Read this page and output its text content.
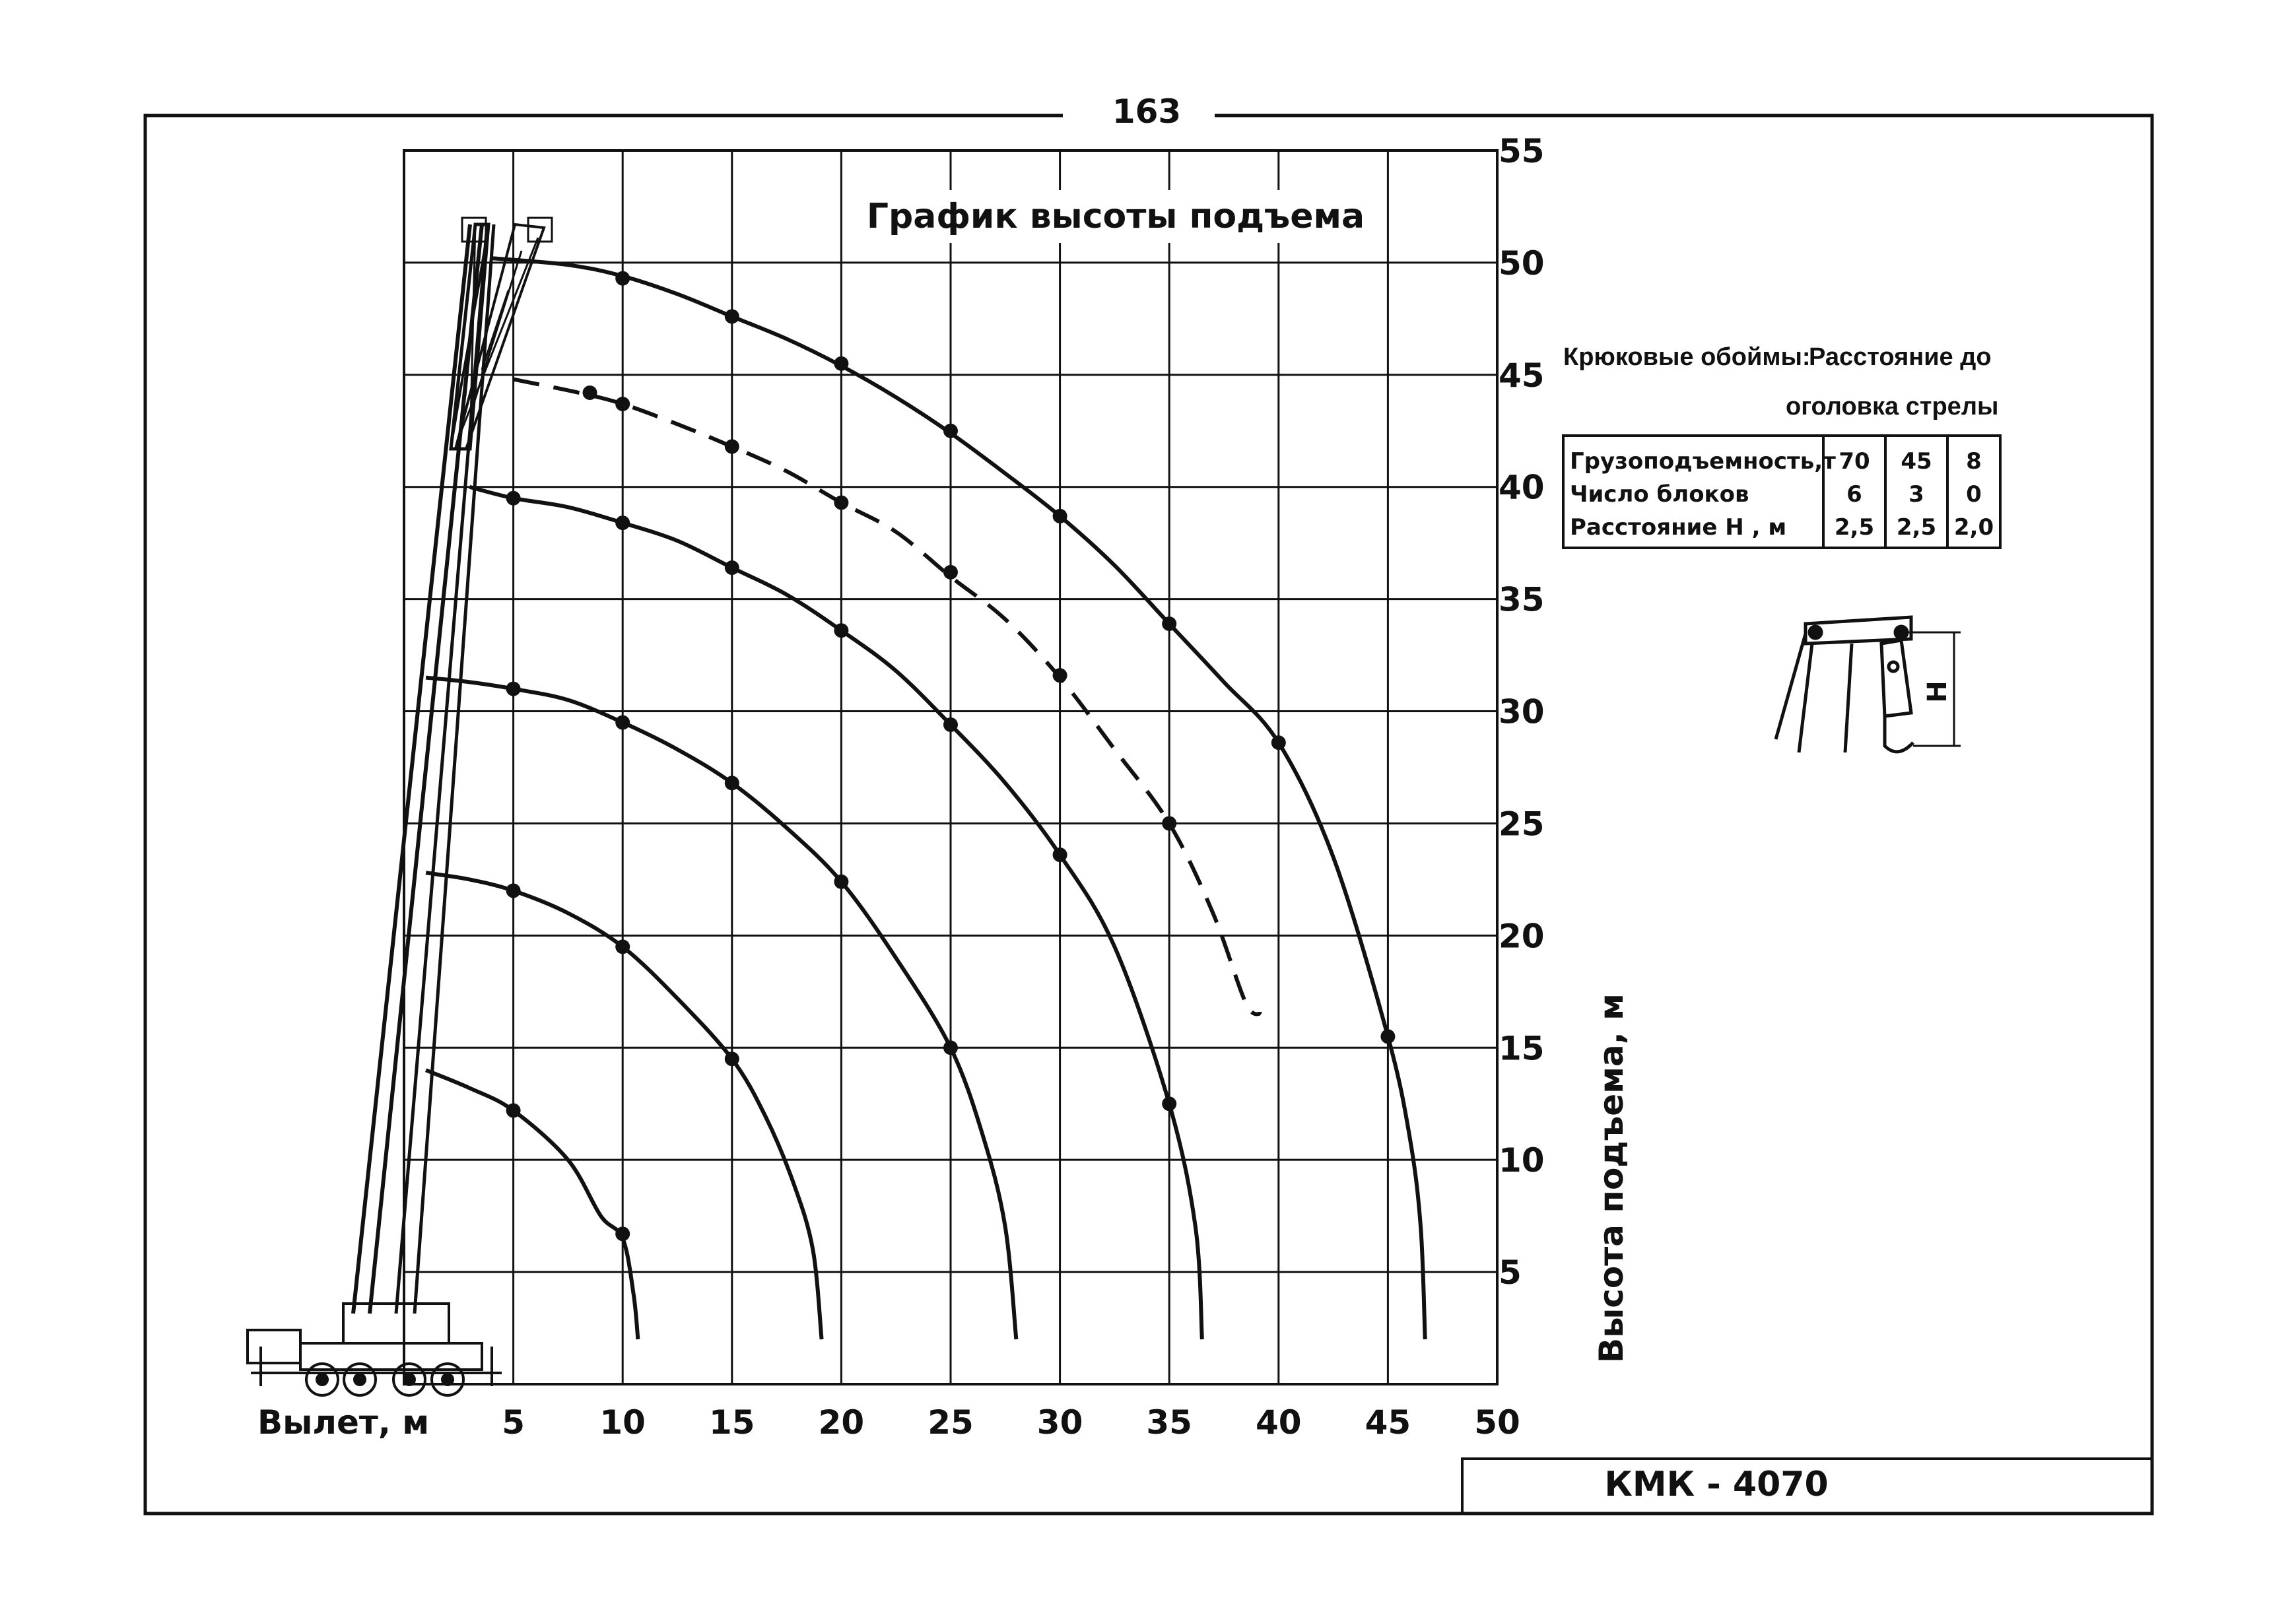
163
КМК - 4070
График высоты подъема
5 10 15 20 25 30 35 40 45 50
5
10
15
20
25
30
35
40
45
50
55
Вылет, м
Высота подъема, м
Крюковые обоймы:
Расстояние до
оголовка стрелы
Грузоподъемность,т 70 45 8
Число блоков	6 3 0
Расстояние Н , м 2,5 2,5 2,0
Н
